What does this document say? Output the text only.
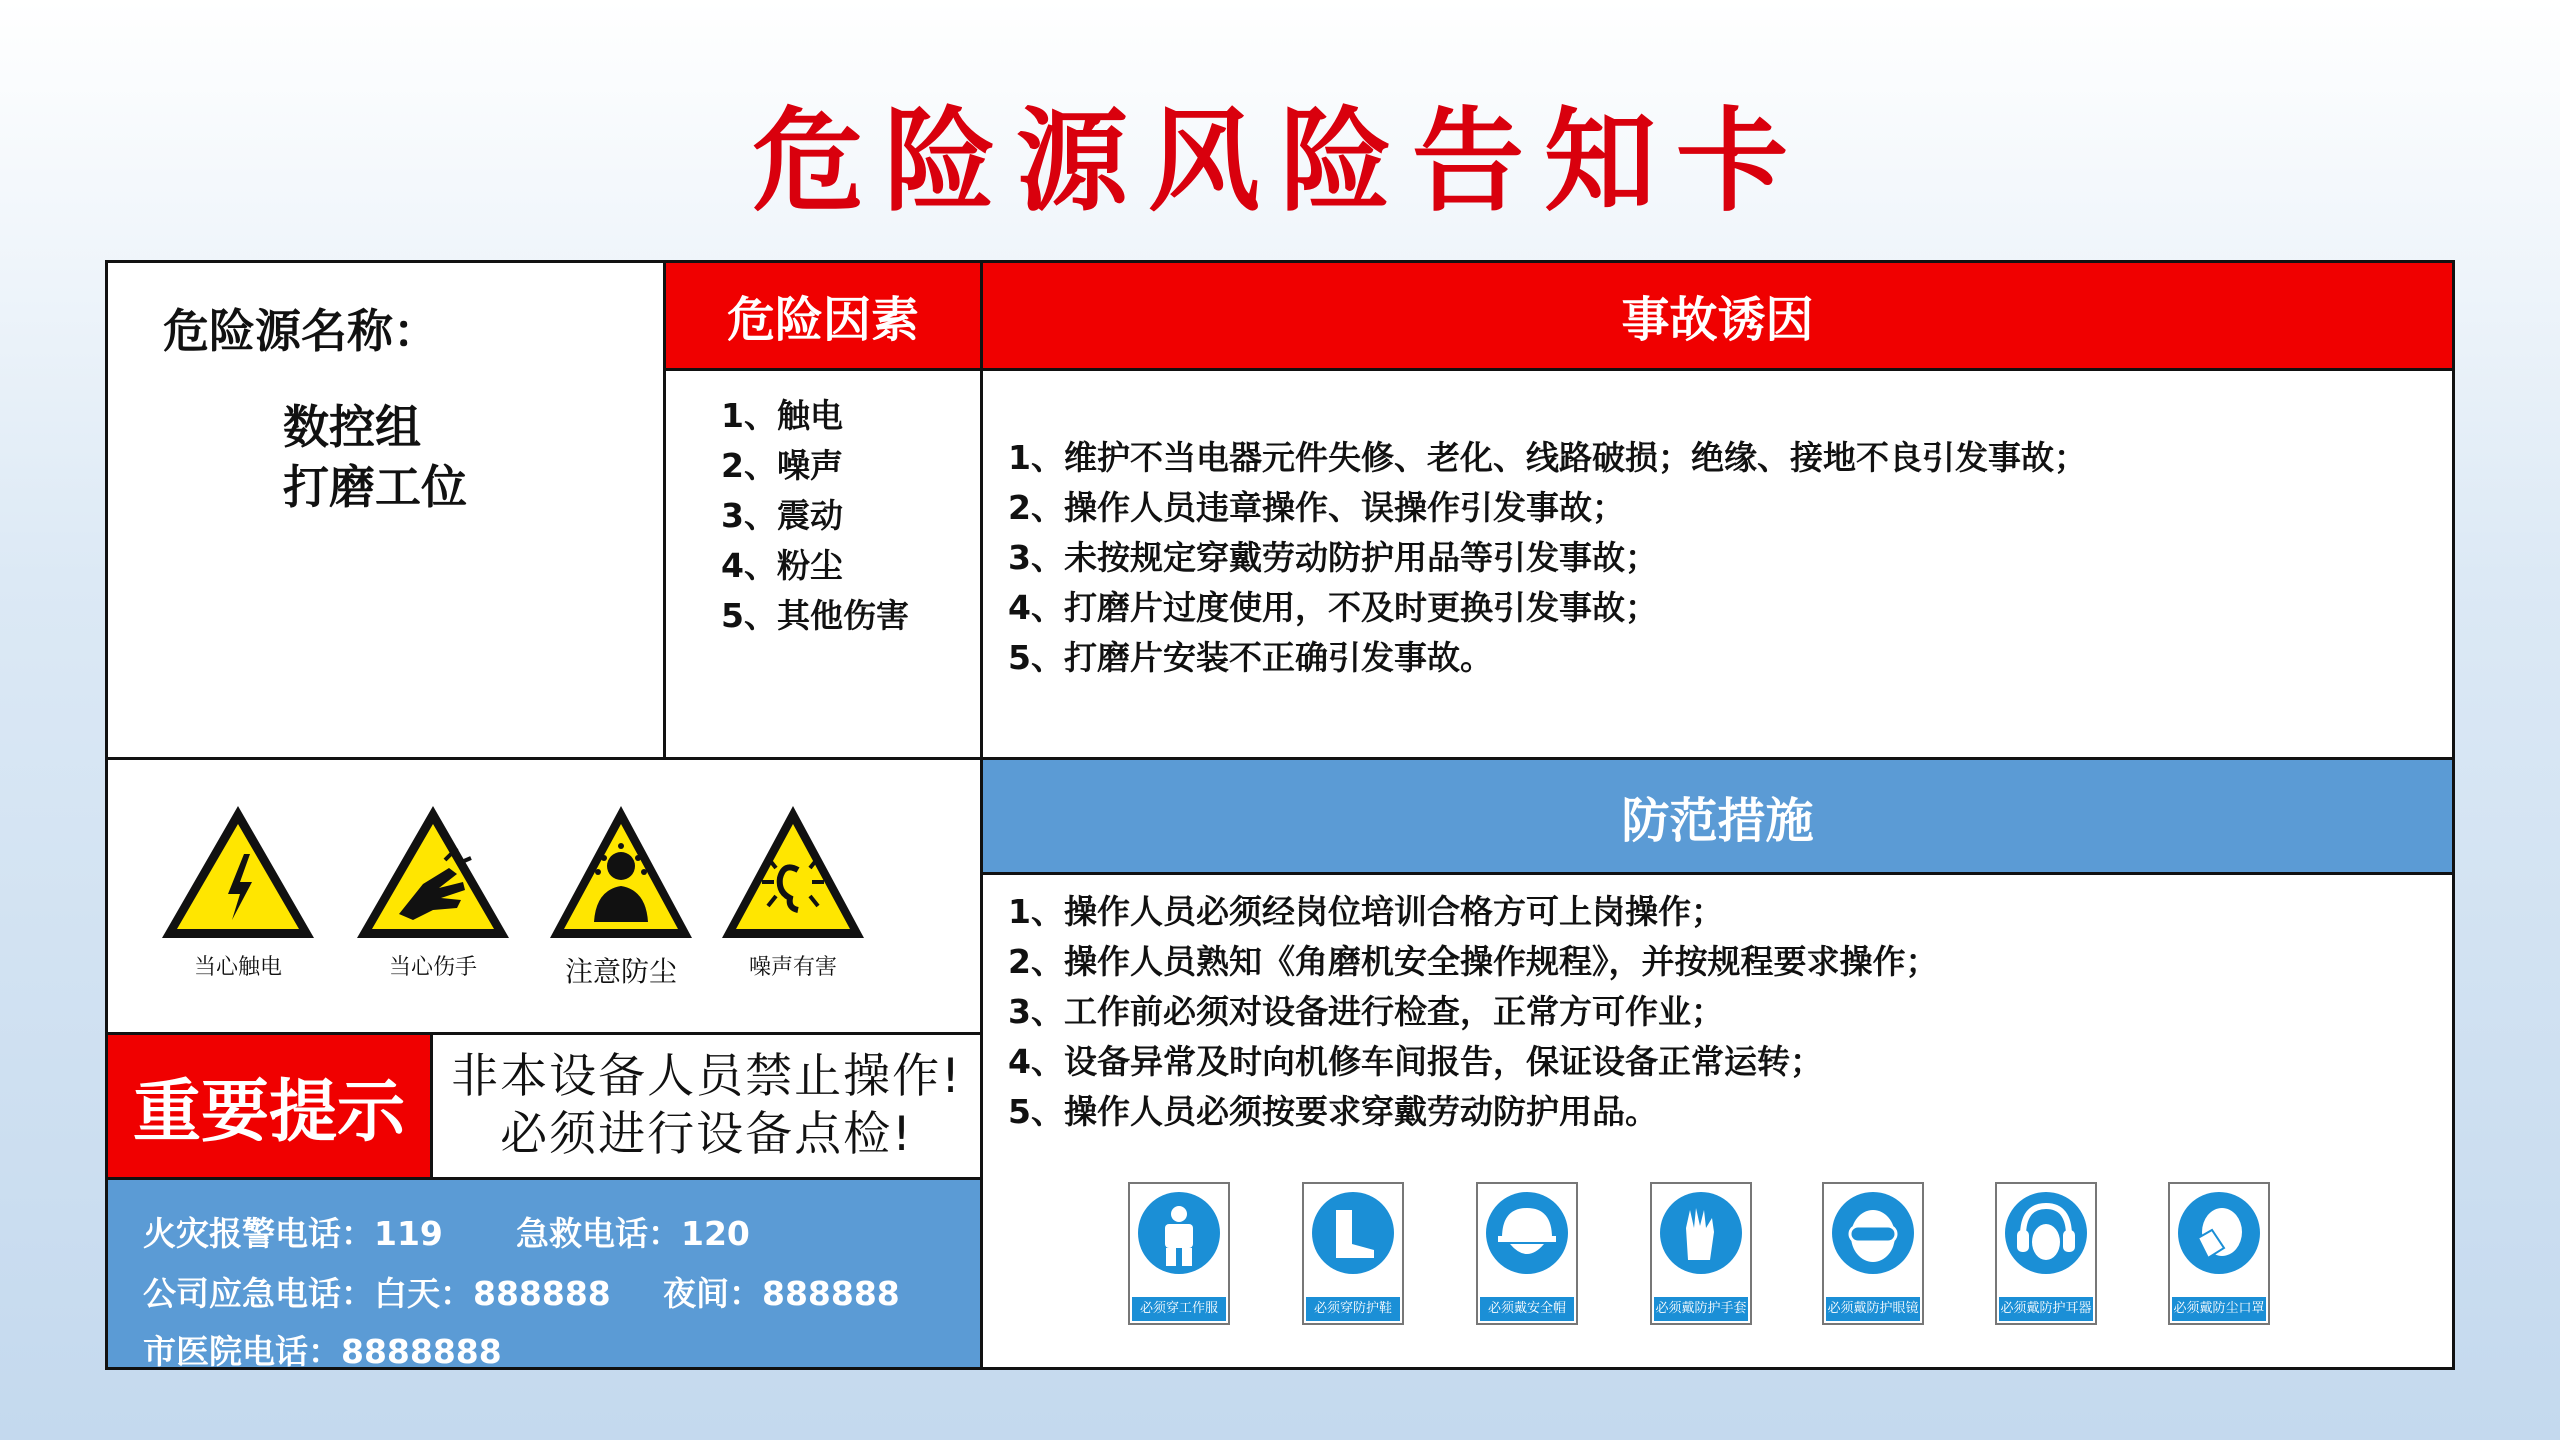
危险源风险告知卡
危险源名称：
数控组
打磨工位
危险因素
1、触电
2、噪声
3、震动
4、粉尘
5、其他伤害
事故诱因
1、维护不当电器元件失修、老化、线路破损；绝缘、接地不良引发事故；
2、操作人员违章操作、误操作引发事故；
3、未按规定穿戴劳动防护用品等引发事故；
4、打磨片过度使用，不及时更换引发事故；
5、打磨片安装不正确引发事故。
当心触电	当心伤手	注意防尘	噪声有害
重要提示 非本设备人员禁止操作!
必须进行设备点检!
火灾报警电话：119 急救电话：120
公司应急电话：白天：888888 夜间：888888
市医院电话：8888888
防范措施
1、操作人员必须经岗位培训合格方可上岗操作；
2、操作人员熟知《角磨机安全操作规程》，并按规程要求操作；
3、工作前必须对设备进行检查，正常方可作业；
4、设备异常及时向机修车间报告，保证设备正常运转；
5、操作人员必须按要求穿戴劳动防护用品。
必须穿工作服	必须穿防护鞋	必须戴安全帽	必须戴防护手套	必须戴防护眼镜	必须戴防护耳器	必须戴防尘口罩
